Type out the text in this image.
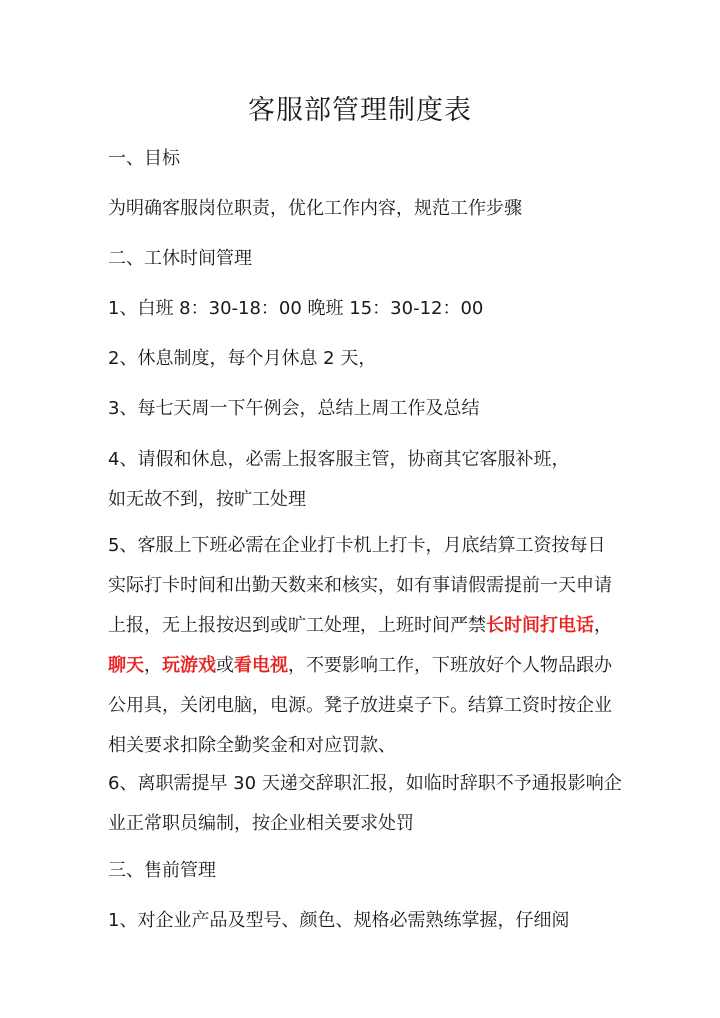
客服部管理制度表
一、目标
为明确客服岗位职责，优化工作内容，规范工作步骤
二、工休时间管理
1、白班 8：30-18：00 晚班 15：30-12：00
2、休息制度，每个月休息 2 天，
3、每七天周一下午例会，总结上周工作及总结
4、请假和休息，必需上报客服主管，协商其它客服补班，
如无故不到，按旷工处理
5、客服上下班必需在企业打卡机上打卡，月底结算工资按每日
实际打卡时间和出勤天数来和核实，如有事请假需提前一天申请
上报，无上报按迟到或旷工处理，上班时间严禁长时间打电话，
聊天，玩游戏或看电视，不要影响工作，下班放好个人物品跟办
公用具，关闭电脑，电源。凳子放进桌子下。结算工资时按企业
相关要求扣除全勤奖金和对应罚款、
6、离职需提早 30 天递交辞职汇报，如临时辞职不予通报影响企
业正常职员编制，按企业相关要求处罚
三、售前管理
1、对企业产品及型号、颜色、规格必需熟练掌握，仔细阅
